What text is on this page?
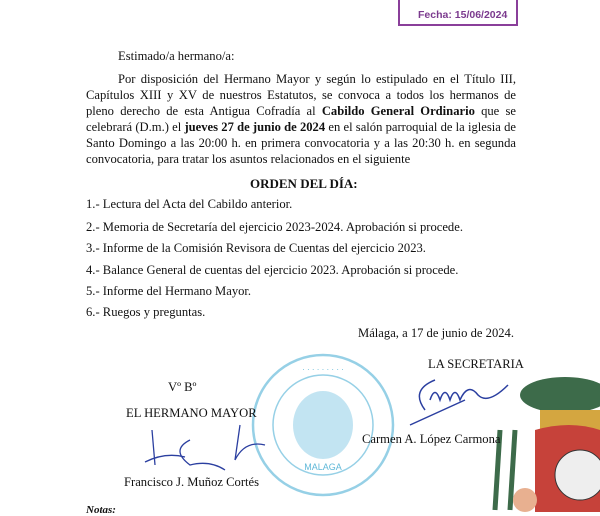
Fecha: 15/06/2024
Estimado/a hermano/a:
Por disposición del Hermano Mayor y según lo estipulado en el Título III, Capítulos XIII y XV de nuestros Estatutos, se convoca a todos los hermanos de pleno derecho de esta Antigua Cofradía al Cabildo General Ordinario que se celebrará (D.m.) el jueves 27 de junio de 2024 en el salón parroquial de la iglesia de Santo Domingo a las 20:00 h. en primera convocatoria y a las 20:30 h. en segunda convocatoria, para tratar los asuntos relacionados en el siguiente
ORDEN DEL DÍA:
1.- Lectura del Acta del Cabildo anterior.
2.- Memoria de Secretaría del ejercicio 2023-2024. Aprobación si procede.
3.- Informe de la Comisión Revisora de Cuentas del ejercicio 2023.
4.- Balance General de cuentas del ejercicio 2023. Aprobación si procede.
5.- Informe del Hermano Mayor.
6.- Ruegos y preguntas.
Málaga, a 17 de junio de 2024.
· · · · · · · · ·
MALAGA
LA SECRETARIA
Vº Bº
EL HERMANO MAYOR
Carmen A. López Carmona
Francisco J. Muñoz Cortés
Notas:
